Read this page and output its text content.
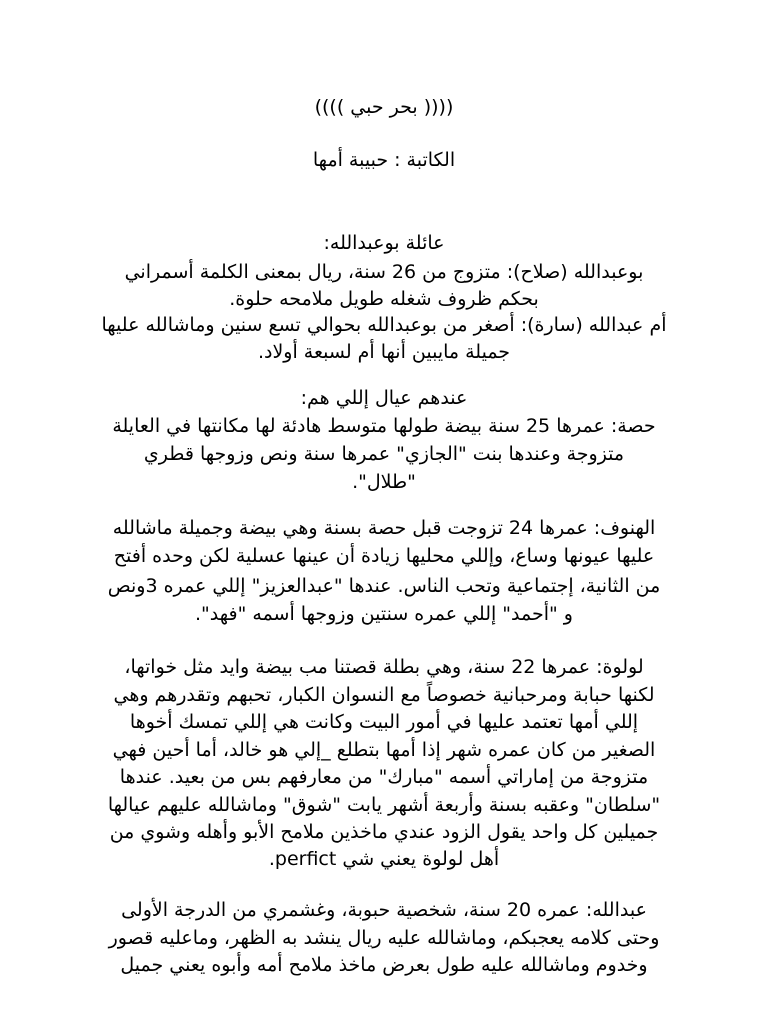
(((( بحر حبي ))))
الكاتبة : حبيبة أمها
عائلة بوعبدالله:
بوعبدالله (صلاح): متزوج من 26 سنة، ريال بمعنى الكلمة أسمراني
بحكم ظروف شغله طويل ملامحه حلوة.
أم عبدالله (سارة): أصغر من بوعبدالله بحوالي تسع سنين وماشالله عليها
جميلة مايبين أنها أم لسبعة أولاد.
عندهم عيال إللي هم:
حصة: عمرها 25 سنة بيضة طولها متوسط هادئة لها مكانتها في العايلة
متزوجة وعندها بنت "الجازي" عمرها سنة ونص وزوجها قطري
"طلال".
الهنوف: عمرها 24 تزوجت قبل حصة بسنة وهي بيضة وجميلة ماشالله
عليها عيونها وساع، وإللي محليها زيادة أن عينها عسلية لكن وحده أفتح
من الثانية، إجتماعية وتحب الناس. عندها "عبدالعزيز" إللي عمره 3ونص
و "أحمد" إللي عمره سنتين وزوجها أسمه "فهد".
لولوة: عمرها 22 سنة، وهي بطلة قصتنا مب بيضة وايد مثل خواتها،
لكنها حبابة ومرحبانية خصوصاً مع النسوان الكبار، تحبهم وتقدرهم وهي
إللي أمها تعتمد عليها في أمور البيت وكانت هي إللي تمسك أخوها
الصغير من كان عمره شهر إذا أمها بتطلع _إلي هو خالد، أما أحين فهي
متزوجة من إماراتي أسمه "مبارك" من معارفهم بس من بعيد. عندها
"سلطان" وعقبه بسنة وأربعة أشهر يابت "شوق" وماشالله عليهم عيالها
جميلين كل واحد يقول الزود عندي ماخذين ملامح الأبو وأهله وشوي من
أهل لولوة يعني شي perfict.
عبدالله: عمره 20 سنة، شخصية حبوبة، وغشمري من الدرجة الأولى
وحتى كلامه يعجبكم، وماشالله عليه ريال ينشد به الظهر، وماعليه قصور
وخدوم وماشالله عليه طول بعرض ماخذ ملامح أمه وأبوه يعني جميل
